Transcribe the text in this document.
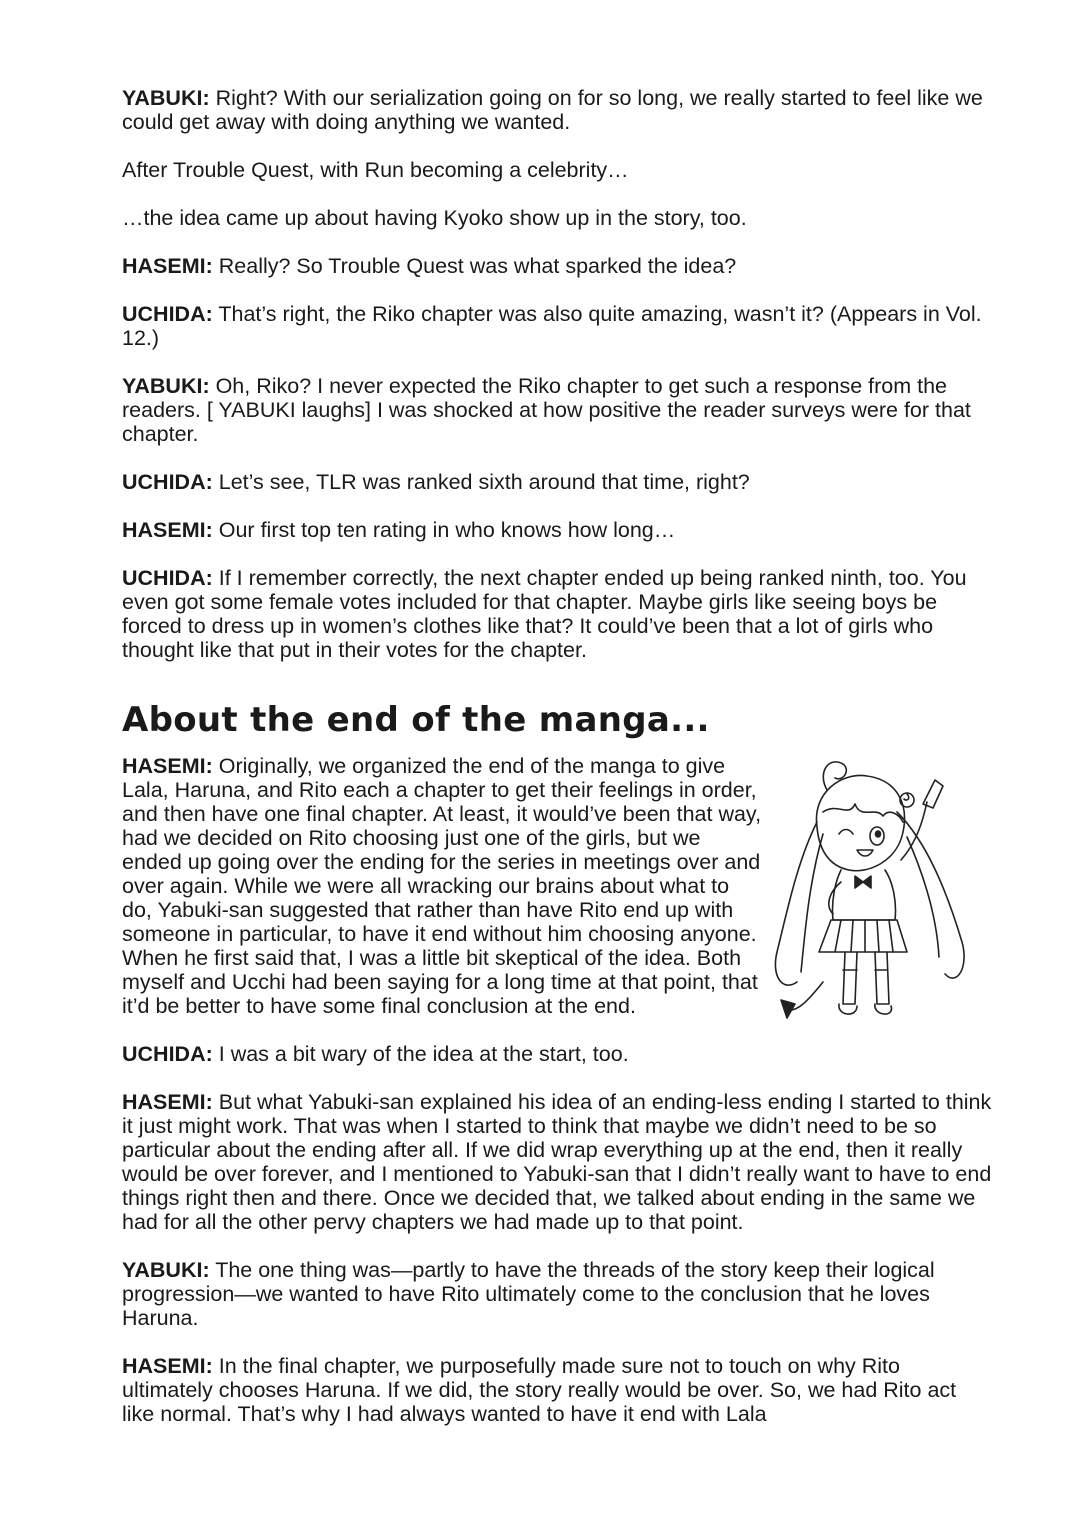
YABUKI: Right? With our serialization going on for so long, we really started to feel like we could get away with doing anything we wanted.

After Trouble Quest, with Run becoming a celebrity…

…the idea came up about having Kyoko show up in the story, too.

HASEMI: Really? So Trouble Quest was what sparked the idea?

UCHIDA: That’s right, the Riko chapter was also quite amazing, wasn’t it? (Appears in Vol. 12.)

YABUKI: Oh, Riko? I never expected the Riko chapter to get such a response from the readers. [ YABUKI laughs] I was shocked at how positive the reader surveys were for that chapter.

UCHIDA: Let’s see, TLR was ranked sixth around that time, right?

HASEMI: Our first top ten rating in who knows how long…

UCHIDA: If I remember correctly, the next chapter ended up being ranked ninth, too. You even got some female votes included for that chapter. Maybe girls like seeing boys be forced to dress up in women’s clothes like that? It could’ve been that a lot of girls who thought like that put in their votes for the chapter.

About the end of the manga...

HASEMI: Originally, we organized the end of the manga to give Lala, Haruna, and Rito each a chapter to get their feelings in order, and then have one final chapter. At least, it would’ve been that way, had we decided on Rito choosing just one of the girls, but we ended up going over the ending for the series in meetings over and over again. While we were all wracking our brains about what to do, Yabuki-san suggested that rather than have Rito end up with someone in particular, to have it end without him choosing anyone. When he first said that, I was a little bit skeptical of the idea. Both myself and Ucchi had been saying for a long time at that point, that it’d be better to have some final conclusion at the end.

UCHIDA: I was a bit wary of the idea at the start, too.

HASEMI: But what Yabuki-san explained his idea of an ending-less ending I started to think it just might work. That was when I started to think that maybe we didn’t need to be so particular about the ending after all. If we did wrap everything up at the end, then it really would be over forever, and I mentioned to Yabuki-san that I didn’t really want to have to end things right then and there. Once we decided that, we talked about ending in the same we had for all the other pervy chapters we had made up to that point.

YABUKI: The one thing was—partly to have the threads of the story keep their logical progression—we wanted to have Rito ultimately come to the conclusion that he loves Haruna.

HASEMI: In the final chapter, we purposefully made sure not to touch on why Rito ultimately chooses Haruna. If we did, the story really would be over. So, we had Rito act like normal. That’s why I had always wanted to have it end with Lala
